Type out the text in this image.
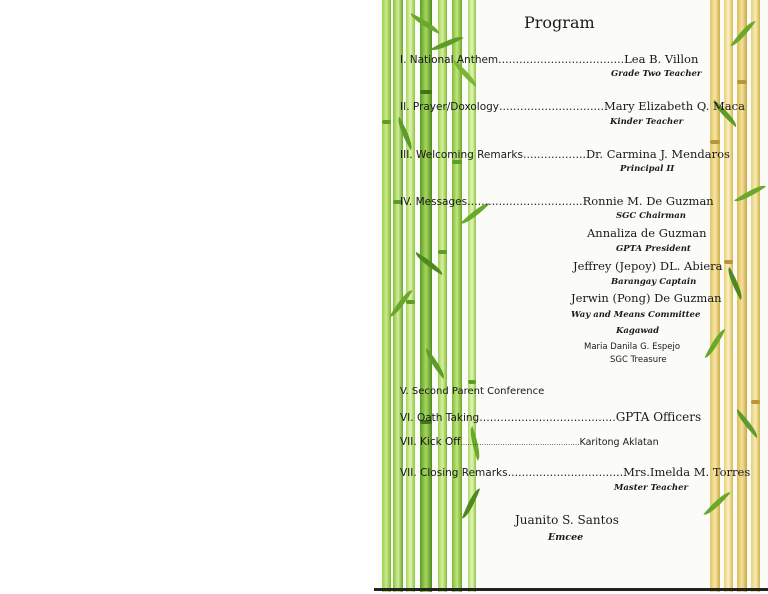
Program
I. National Anthem………………………………Lea B. Villon
Grade Two Teacher
II. Prayer/Doxology…………………………Mary Elizabeth Q. Maca
Kinder Teacher
III. Welcoming Remarks………………Dr. Carmina J. Mendaros
Principal II
IV. Messages……………………………Ronnie M. De Guzman
SGC Chairman
Annaliza de Guzman
GPTA President
Jeffrey (Jepoy) DL. Abiera
Barangay Captain
Jerwin (Pong) De Guzman
Way and Means Committee
Kagawad
Maria Danila G. Espejo
SGC Treasure
V. Second Parent Conference
VI. Oath Taking…………………………………GPTA Officers
VII. Kick Off……………………………………………Karitong Aklatan
VII. Closing Remarks……………………………Mrs.Imelda M. Torres
Master Teacher
Juanito S. Santos
Emcee
